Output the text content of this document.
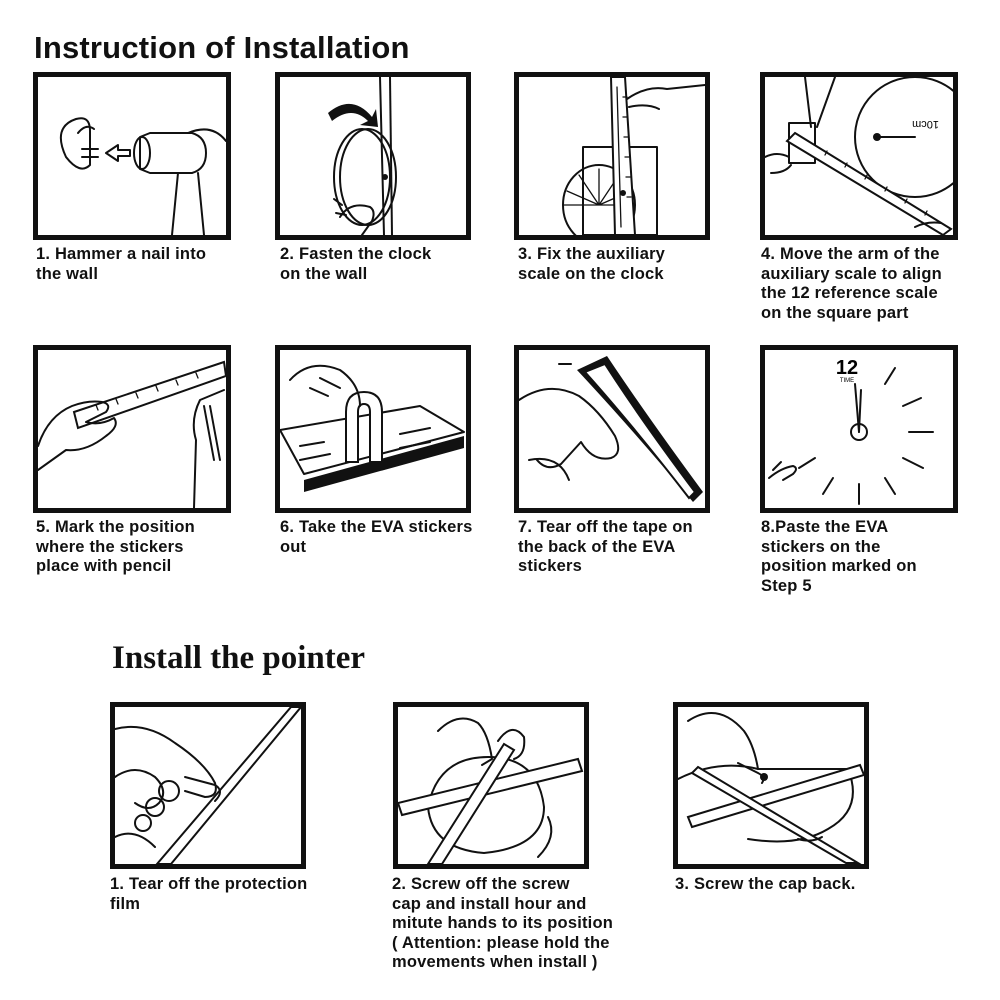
Instruction of Installation
10cm
1. Hammer a nail into
the wall
2. Fasten the clock
on the wall
3. Fix the auxiliary
scale on the clock
4. Move the arm of the
auxiliary scale to align
the 12 reference scale
on the square part
12
TIME
5. Mark the position
where the stickers
place with pencil
6. Take the EVA stickers
out
7. Tear off the tape on
the back of the EVA
stickers
8.Paste the EVA
stickers on the
position marked on
Step 5
Install the pointer
1. Tear off the protection
film
2. Screw off the screw
cap and install hour and
mitute hands to its position
( Attention: please hold the
movements when install )
3. Screw the cap back.
